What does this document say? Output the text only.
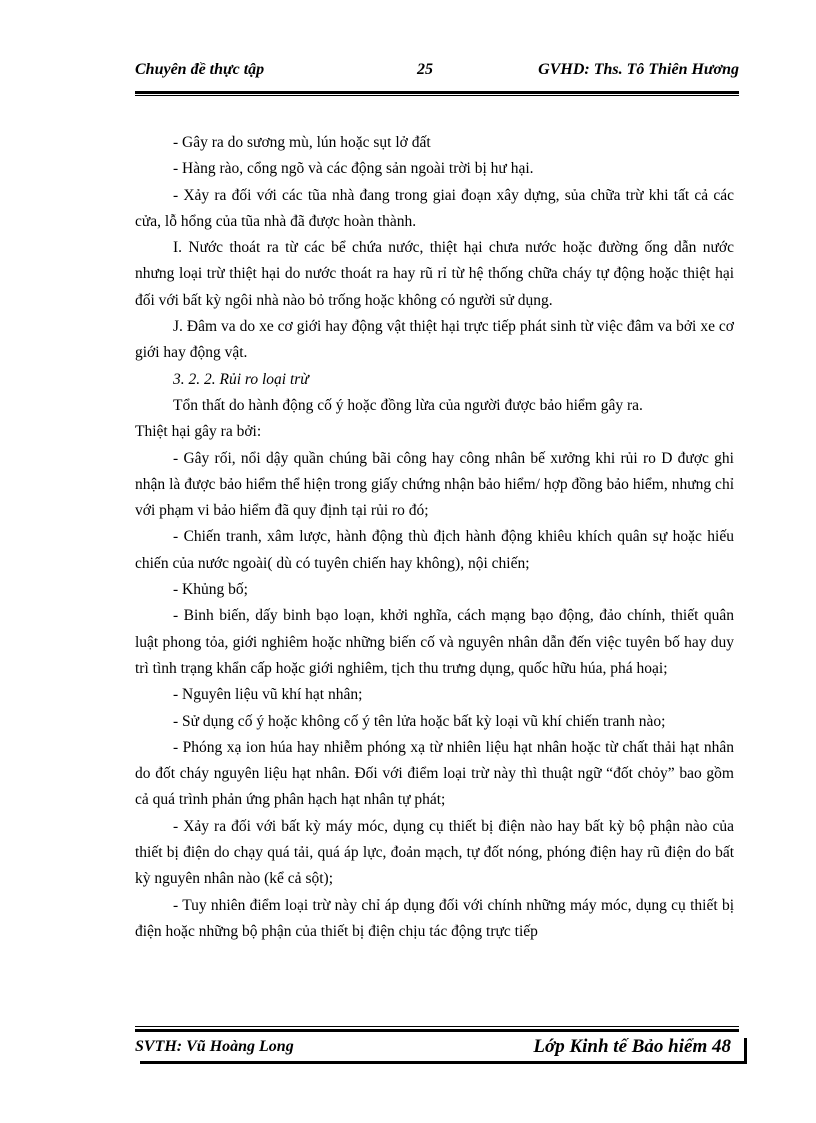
Chuyên đề thực tập	25	GVHD: Ths. Tô Thiên Hương

- Gây ra do sương mù, lún hoặc sụt lở đất

- Hàng rào, cổng ngõ và các động sản ngoài trời bị hư hại.

- Xảy ra đối với các tũa nhà đang trong giai đoạn xây dựng, sủa chữa trừ khi tất cả các cửa, lỗ hổng của tũa nhà đã được hoàn thành.

I. Nước thoát ra từ các bể chứa nước, thiệt hại chưa nước hoặc đường ống dẫn nước nhưng loại trừ thiệt hại do nước thoát ra hay rũ rỉ từ hệ thống chữa cháy tự động hoặc thiệt hại đối với bất kỳ ngôi nhà nào bỏ trống hoặc không có người sử dụng.

J. Đâm va do xe cơ giới hay động vật thiệt hại trực tiếp phát sinh từ việc đâm va bởi xe cơ giới hay động vật.

3. 2. 2. Rủi ro loại trừ

Tổn thất do hành động cố ý hoặc đồng lừa của người được bảo hiểm gây ra.

Thiệt hại gây ra bởi:

- Gây rối, nổi dậy quần chúng bãi công hay công nhân bế xưởng khi rủi ro D được ghi nhận là được bảo hiểm thể hiện trong giấy chứng nhận bảo hiểm/ hợp đồng bảo hiểm, nhưng chỉ với phạm vi bảo hiểm đã quy định tại rủi ro đó;

- Chiến tranh, xâm lược, hành động thù địch hành động khiêu khích quân sự hoặc hiếu chiến của nước ngoài( dù có tuyên chiến hay không), nội chiến;

- Khủng bố;

- Binh biến, dấy binh bạo loạn, khởi nghĩa, cách mạng bạo động, đảo chính, thiết quân luật phong tỏa, giới nghiêm hoặc những biến cố và nguyên nhân dẫn đến việc tuyên bố hay duy trì tình trạng khẩn cấp hoặc giới nghiêm, tịch thu trưng dụng, quốc hữu húa, phá hoại;

- Nguyên liệu vũ khí hạt nhân;

- Sử dụng cố ý hoặc không cố ý tên lửa hoặc bất kỳ loại vũ khí chiến tranh nào;

- Phóng xạ ion húa hay nhiễm phóng xạ từ nhiên liệu hạt nhân hoặc từ chất thải hạt nhân do đốt cháy nguyên liệu hạt nhân. Đối với điểm loại trừ này thì thuật ngữ “đốt chỏy” bao gồm cả quá trình phản ứng phân hạch hạt nhân tự phát;

- Xảy ra đối với bất kỳ máy móc, dụng cụ thiết bị điện nào hay bất kỳ bộ phận nào của thiết bị điện do chạy quá tải, quá áp lực, đoản mạch, tự đốt nóng, phóng điện hay rũ điện do bất kỳ nguyên nhân nào (kể cả sột);

- Tuy nhiên điểm loại trừ này chỉ áp dụng đối với chính những máy móc, dụng cụ thiết bị điện hoặc những bộ phận của thiết bị điện chịu tác động trực tiếp

SVTH: Vũ Hoàng Long	Lớp Kinh tế Bảo hiểm 48
